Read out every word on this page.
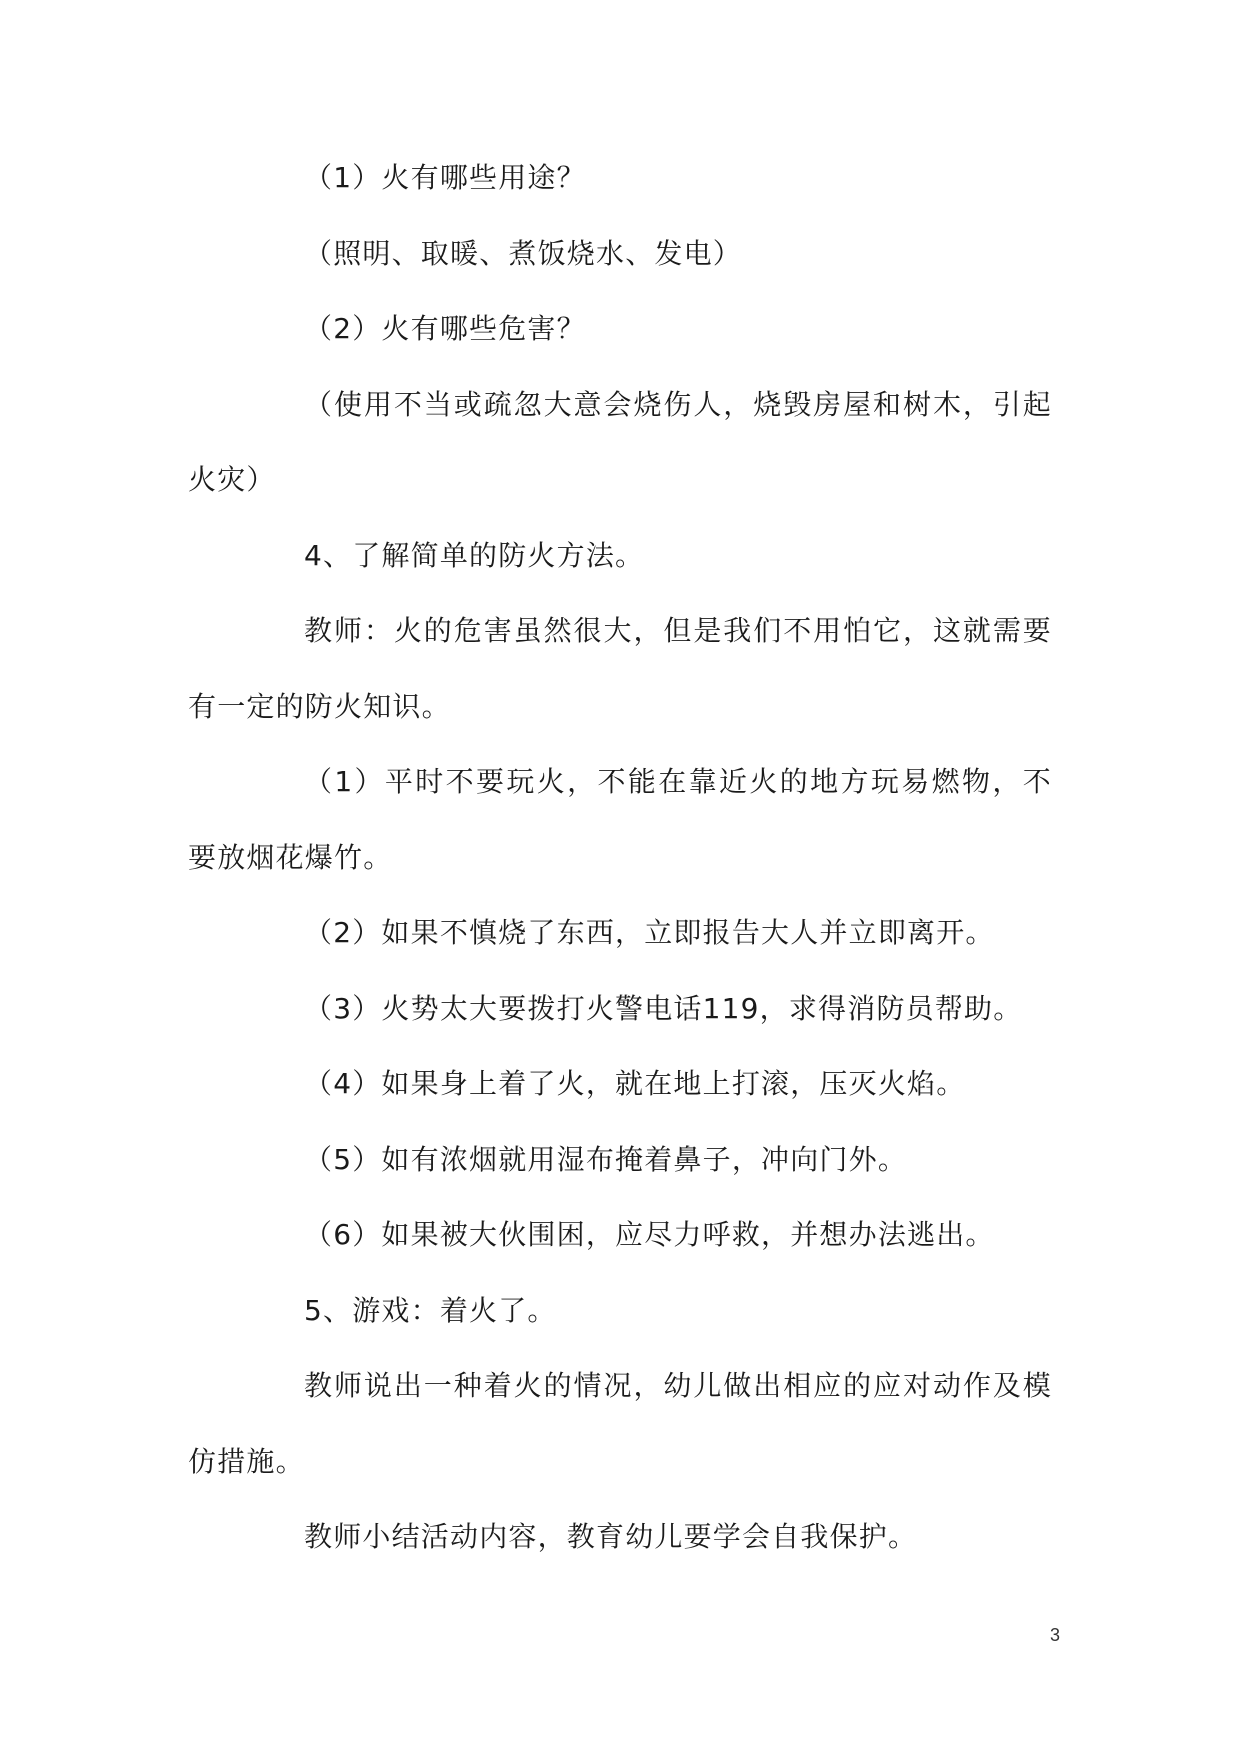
（1）火有哪些用途？

（照明、取暖、煮饭烧水、发电）

（2）火有哪些危害？

（使用不当或疏忽大意会烧伤人，烧毁房屋和树木，引起火灾）

4、了解简单的防火方法。

教师：火的危害虽然很大，但是我们不用怕它，这就需要有一定的防火知识。

（1）平时不要玩火，不能在靠近火的地方玩易燃物，不要放烟花爆竹。

（2）如果不慎烧了东西，立即报告大人并立即离开。

（3）火势太大要拨打火警电话119，求得消防员帮助。

（4）如果身上着了火，就在地上打滚，压灭火焰。

（5）如有浓烟就用湿布掩着鼻子，冲向门外。

（6）如果被大伙围困，应尽力呼救，并想办法逃出。

5、游戏：着火了。

教师说出一种着火的情况，幼儿做出相应的应对动作及模仿措施。

教师小结活动内容，教育幼儿要学会自我保护。

3
